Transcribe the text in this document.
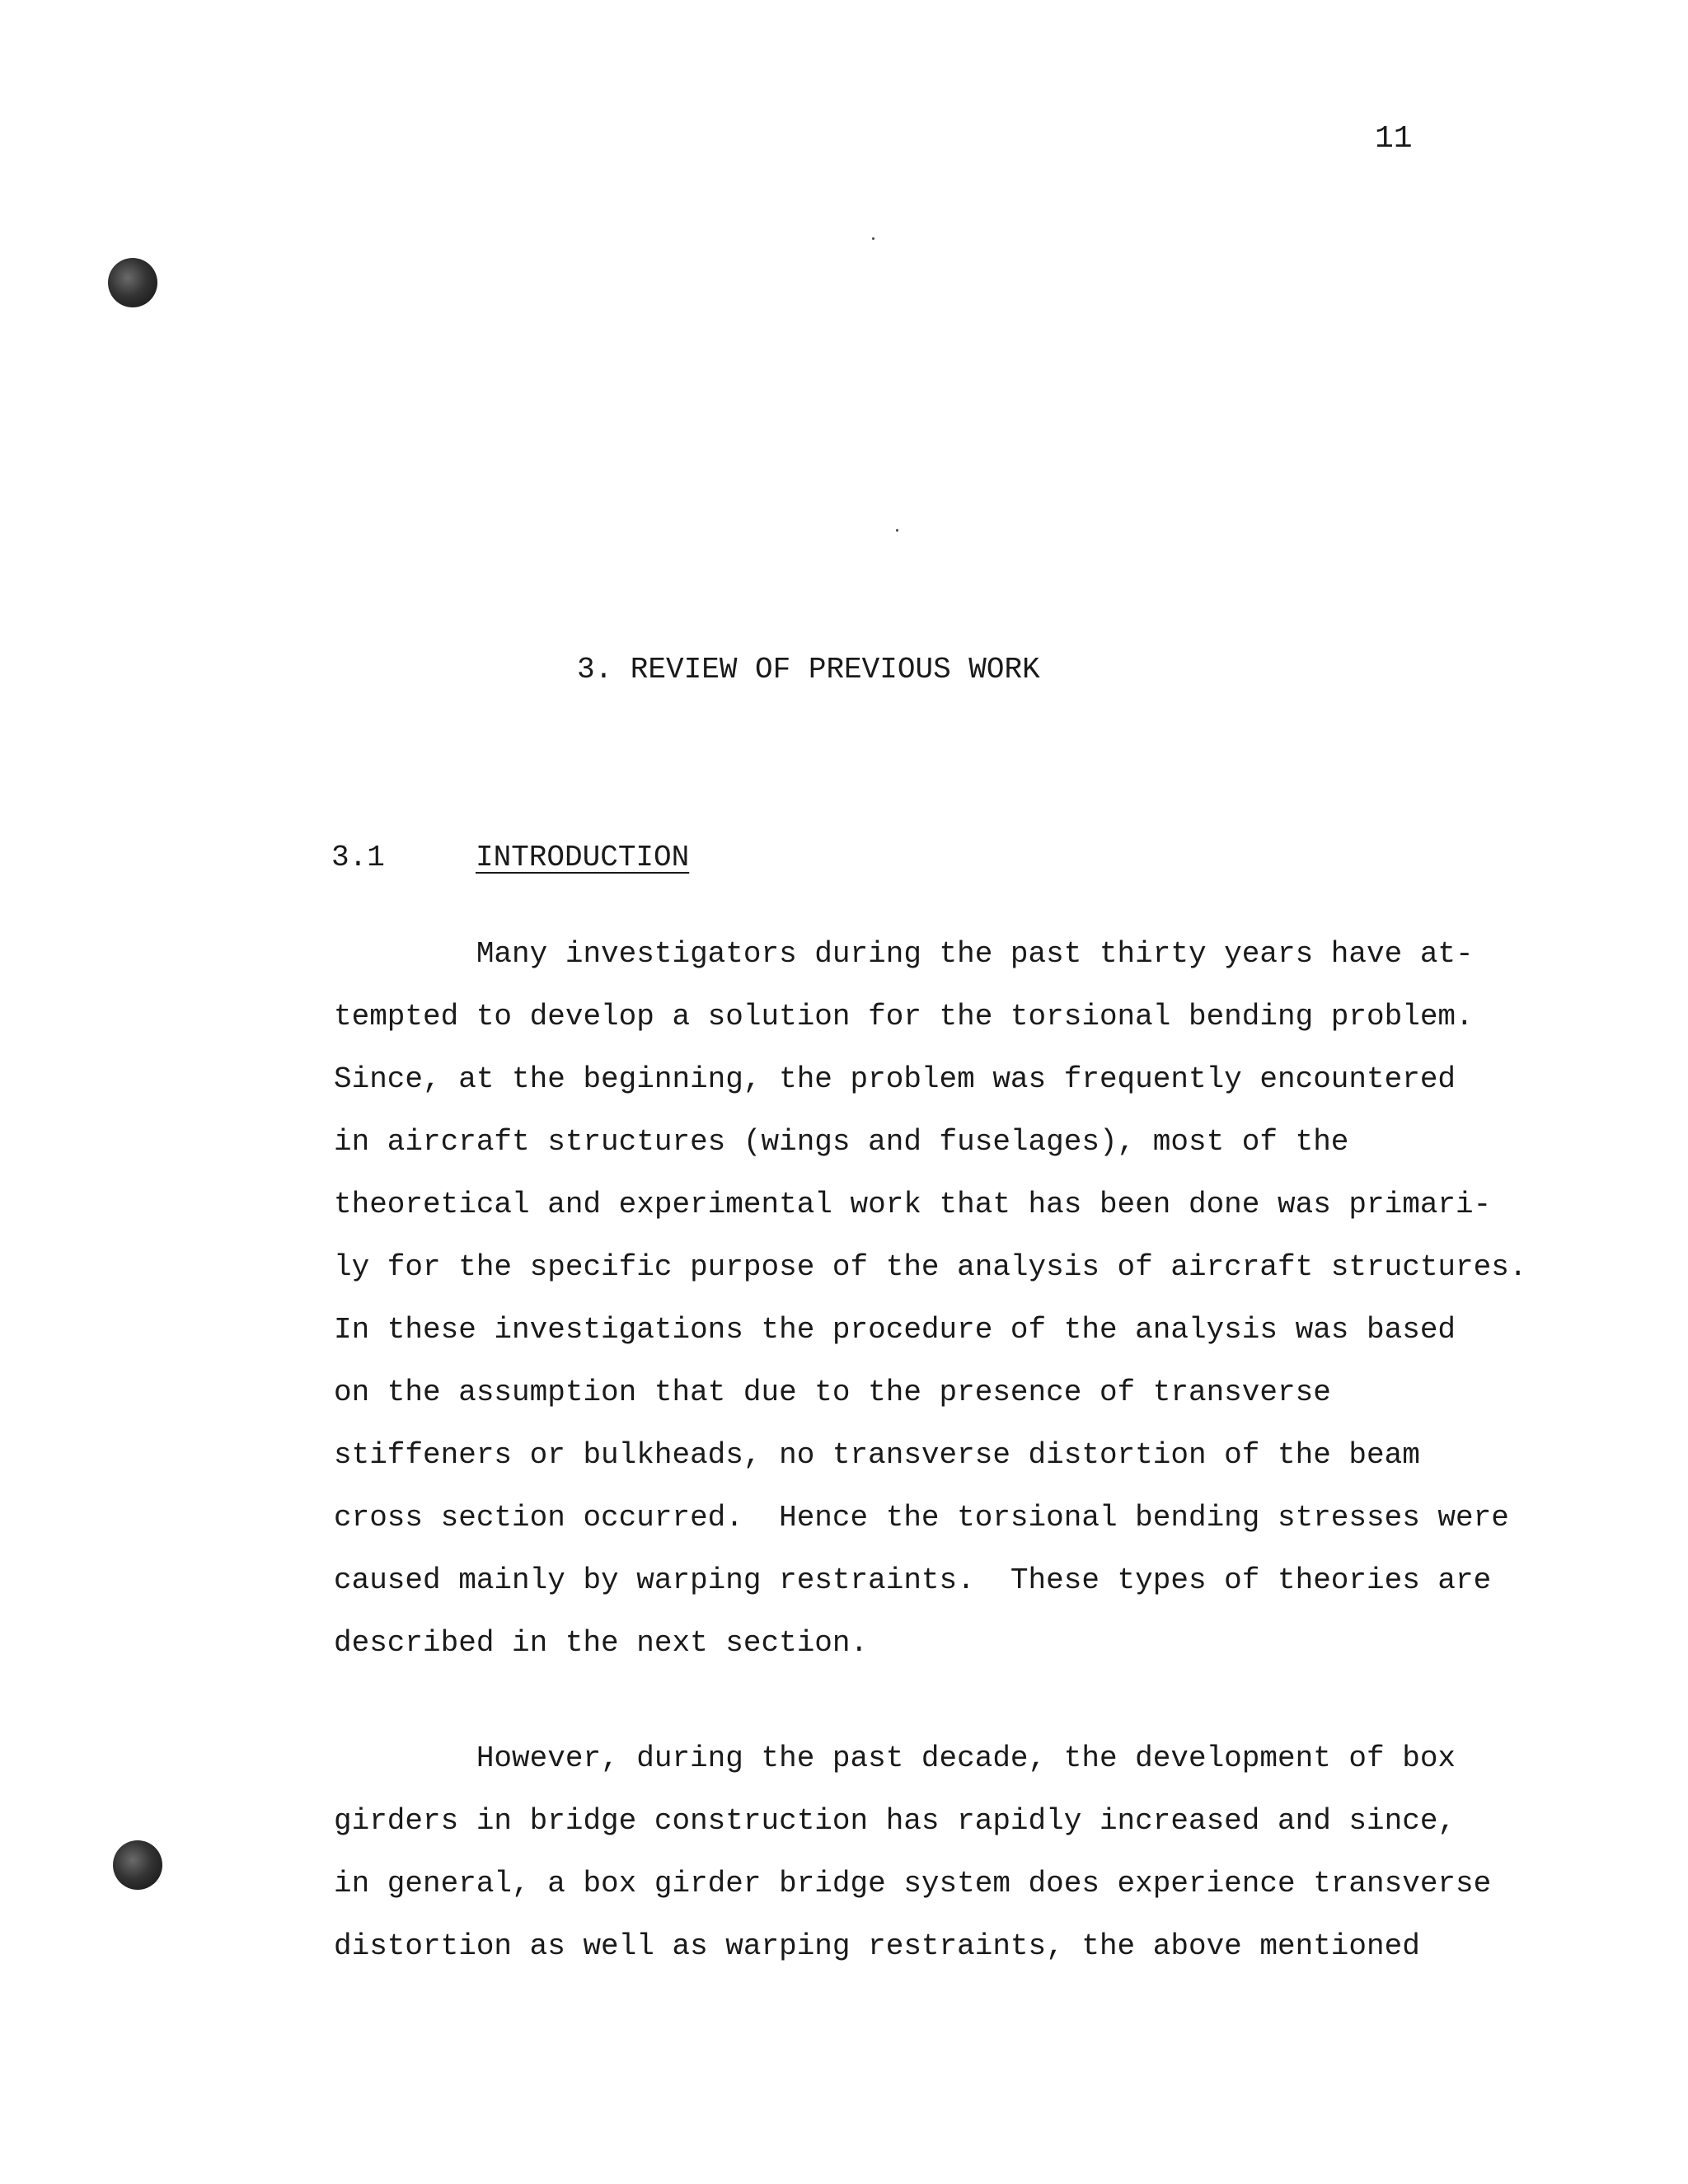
11
3. REVIEW OF PREVIOUS WORK
3.1	INTRODUCTION
Many investigators during the past thirty years have at-
tempted to develop a solution for the torsional bending problem.
Since, at the beginning, the problem was frequently encountered
in aircraft structures (wings and fuselages), most of the
theoretical and experimental work that has been done was primari-
ly for the specific purpose of the analysis of aircraft structures.
In these investigations the procedure of the analysis was based
on the assumption that due to the presence of transverse
stiffeners or bulkheads, no transverse distortion of the beam
cross section occurred.  Hence the torsional bending stresses were
caused mainly by warping restraints.  These types of theories are
described in the next section.
However, during the past decade, the development of box
girders in bridge construction has rapidly increased and since,
in general, a box girder bridge system does experience transverse
distortion as well as warping restraints, the above mentioned
